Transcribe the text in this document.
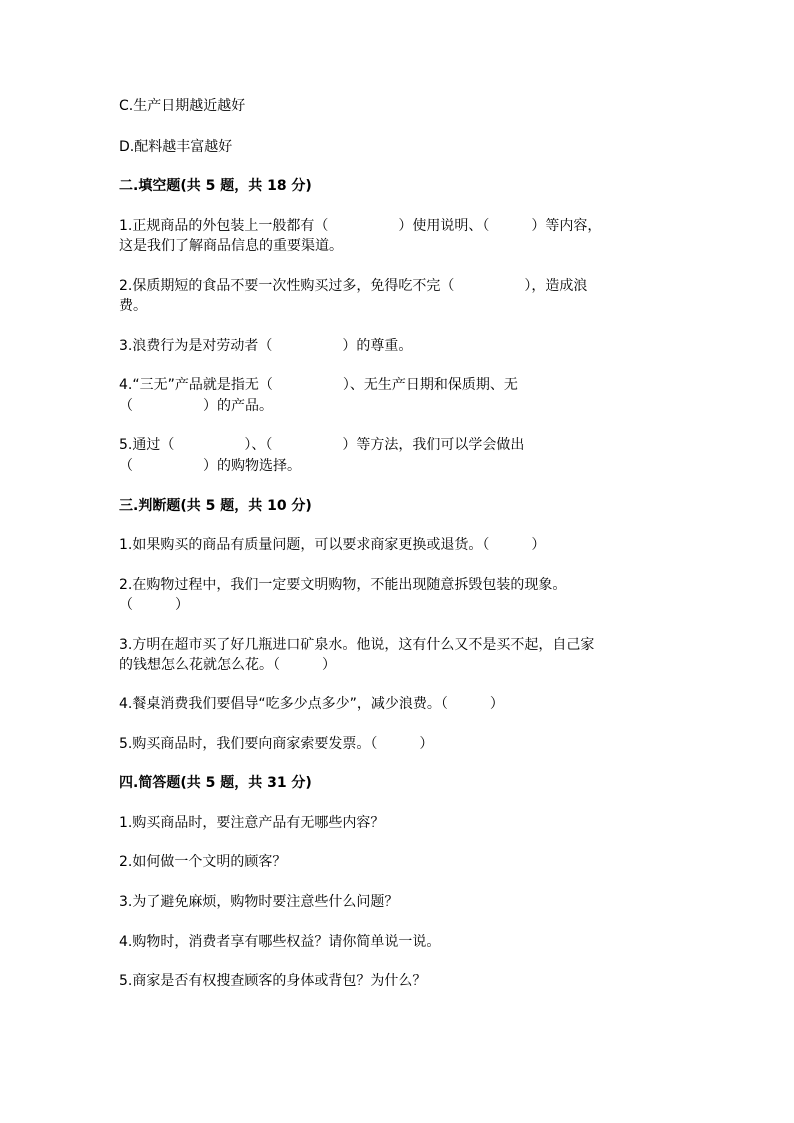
C.生产日期越近越好
D.配料越丰富越好
二.填空题(共 5 题，共 18 分)
1.正规商品的外包装上一般都有（　　　　　）使用说明、（　　　）等内容，
这是我们了解商品信息的重要渠道。
2.保质期短的食品不要一次性购买过多，免得吃不完（　　　　　），造成浪
费。
3.浪费行为是对劳动者（　　　　　）的尊重。
4.“三无”产品就是指无（　　　　　）、无生产日期和保质期、无
（　　　　　）的产品。
5.通过（　　　　　）、（　　　　　）等方法，我们可以学会做出
（　　　　　）的购物选择。
三.判断题(共 5 题，共 10 分)
1.如果购买的商品有质量问题，可以要求商家更换或退货。（　　　）
2.在购物过程中，我们一定要文明购物，不能出现随意拆毁包装的现象。
（　　　）
3.方明在超市买了好几瓶进口矿泉水。他说，这有什么又不是买不起，自己家
的钱想怎么花就怎么花。（　　　）
4.餐桌消费我们要倡导“吃多少点多少”，减少浪费。（　　　）
5.购买商品时，我们要向商家索要发票。（　　　）
四.简答题(共 5 题，共 31 分)
1.购买商品时，要注意产品有无哪些内容？
2.如何做一个文明的顾客？
3.为了避免麻烦，购物时要注意些什么问题？
4.购物时，消费者享有哪些权益？请你简单说一说。
5.商家是否有权搜查顾客的身体或背包？为什么？
